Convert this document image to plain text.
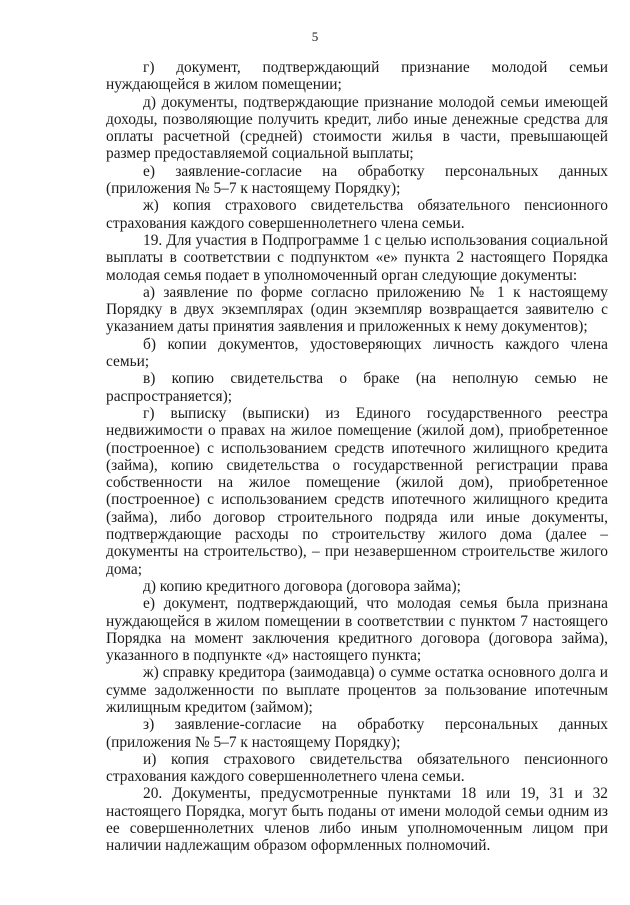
5

г) документ, подтверждающий признание молодой семьи нуждающейся в жилом помещении;

д) документы, подтверждающие признание молодой семьи имеющей доходы, позволяющие получить кредит, либо иные денежные средства для оплаты расчетной (средней) стоимости жилья в части, превышающей размер предоставляемой социальной выплаты;

е) заявление-согласие на обработку персональных данных (приложения № 5–7 к настоящему Порядку);

ж) копия страхового свидетельства обязательного пенсионного страхования каждого совершеннолетнего члена семьи.

19. Для участия в Подпрограмме 1 с целью использования социальной выплаты в соответствии с подпунктом «е» пункта 2 настоящего Порядка молодая семья подает в уполномоченный орган следующие документы:

а) заявление по форме согласно приложению № 1 к настоящему Порядку в двух экземплярах (один экземпляр возвращается заявителю с указанием даты принятия заявления и приложенных к нему документов);

б) копии документов, удостоверяющих личность каждого члена семьи;

в) копию свидетельства о браке (на неполную семью не распространяется);

г) выписку (выписки) из Единого государственного реестра недвижимости о правах на жилое помещение (жилой дом), приобретенное (построенное) с использованием средств ипотечного жилищного кредита (займа), копию свидетельства о государственной регистрации права собственности на жилое помещение (жилой дом), приобретенное (построенное) с использованием средств ипотечного жилищного кредита (займа), либо договор строительного подряда или иные документы, подтверждающие расходы по строительству жилого дома (далее – документы на строительство), – при незавершенном строительстве жилого дома;

д) копию кредитного договора (договора займа);

е) документ, подтверждающий, что молодая семья была признана нуждающейся в жилом помещении в соответствии с пунктом 7 настоящего Порядка на момент заключения кредитного договора (договора займа), указанного в подпункте «д» настоящего пункта;

ж) справку кредитора (заимодавца) о сумме остатка основного долга и сумме задолженности по выплате процентов за пользование ипотечным жилищным кредитом (займом);

з) заявление-согласие на обработку персональных данных (приложения № 5–7 к настоящему Порядку);

и) копия страхового свидетельства обязательного пенсионного страхования каждого совершеннолетнего члена семьи.

20. Документы, предусмотренные пунктами 18 или 19, 31 и 32 настоящего Порядка, могут быть поданы от имени молодой семьи одним из ее совершеннолетних членов либо иным уполномоченным лицом при наличии надлежащим образом оформленных полномочий.
